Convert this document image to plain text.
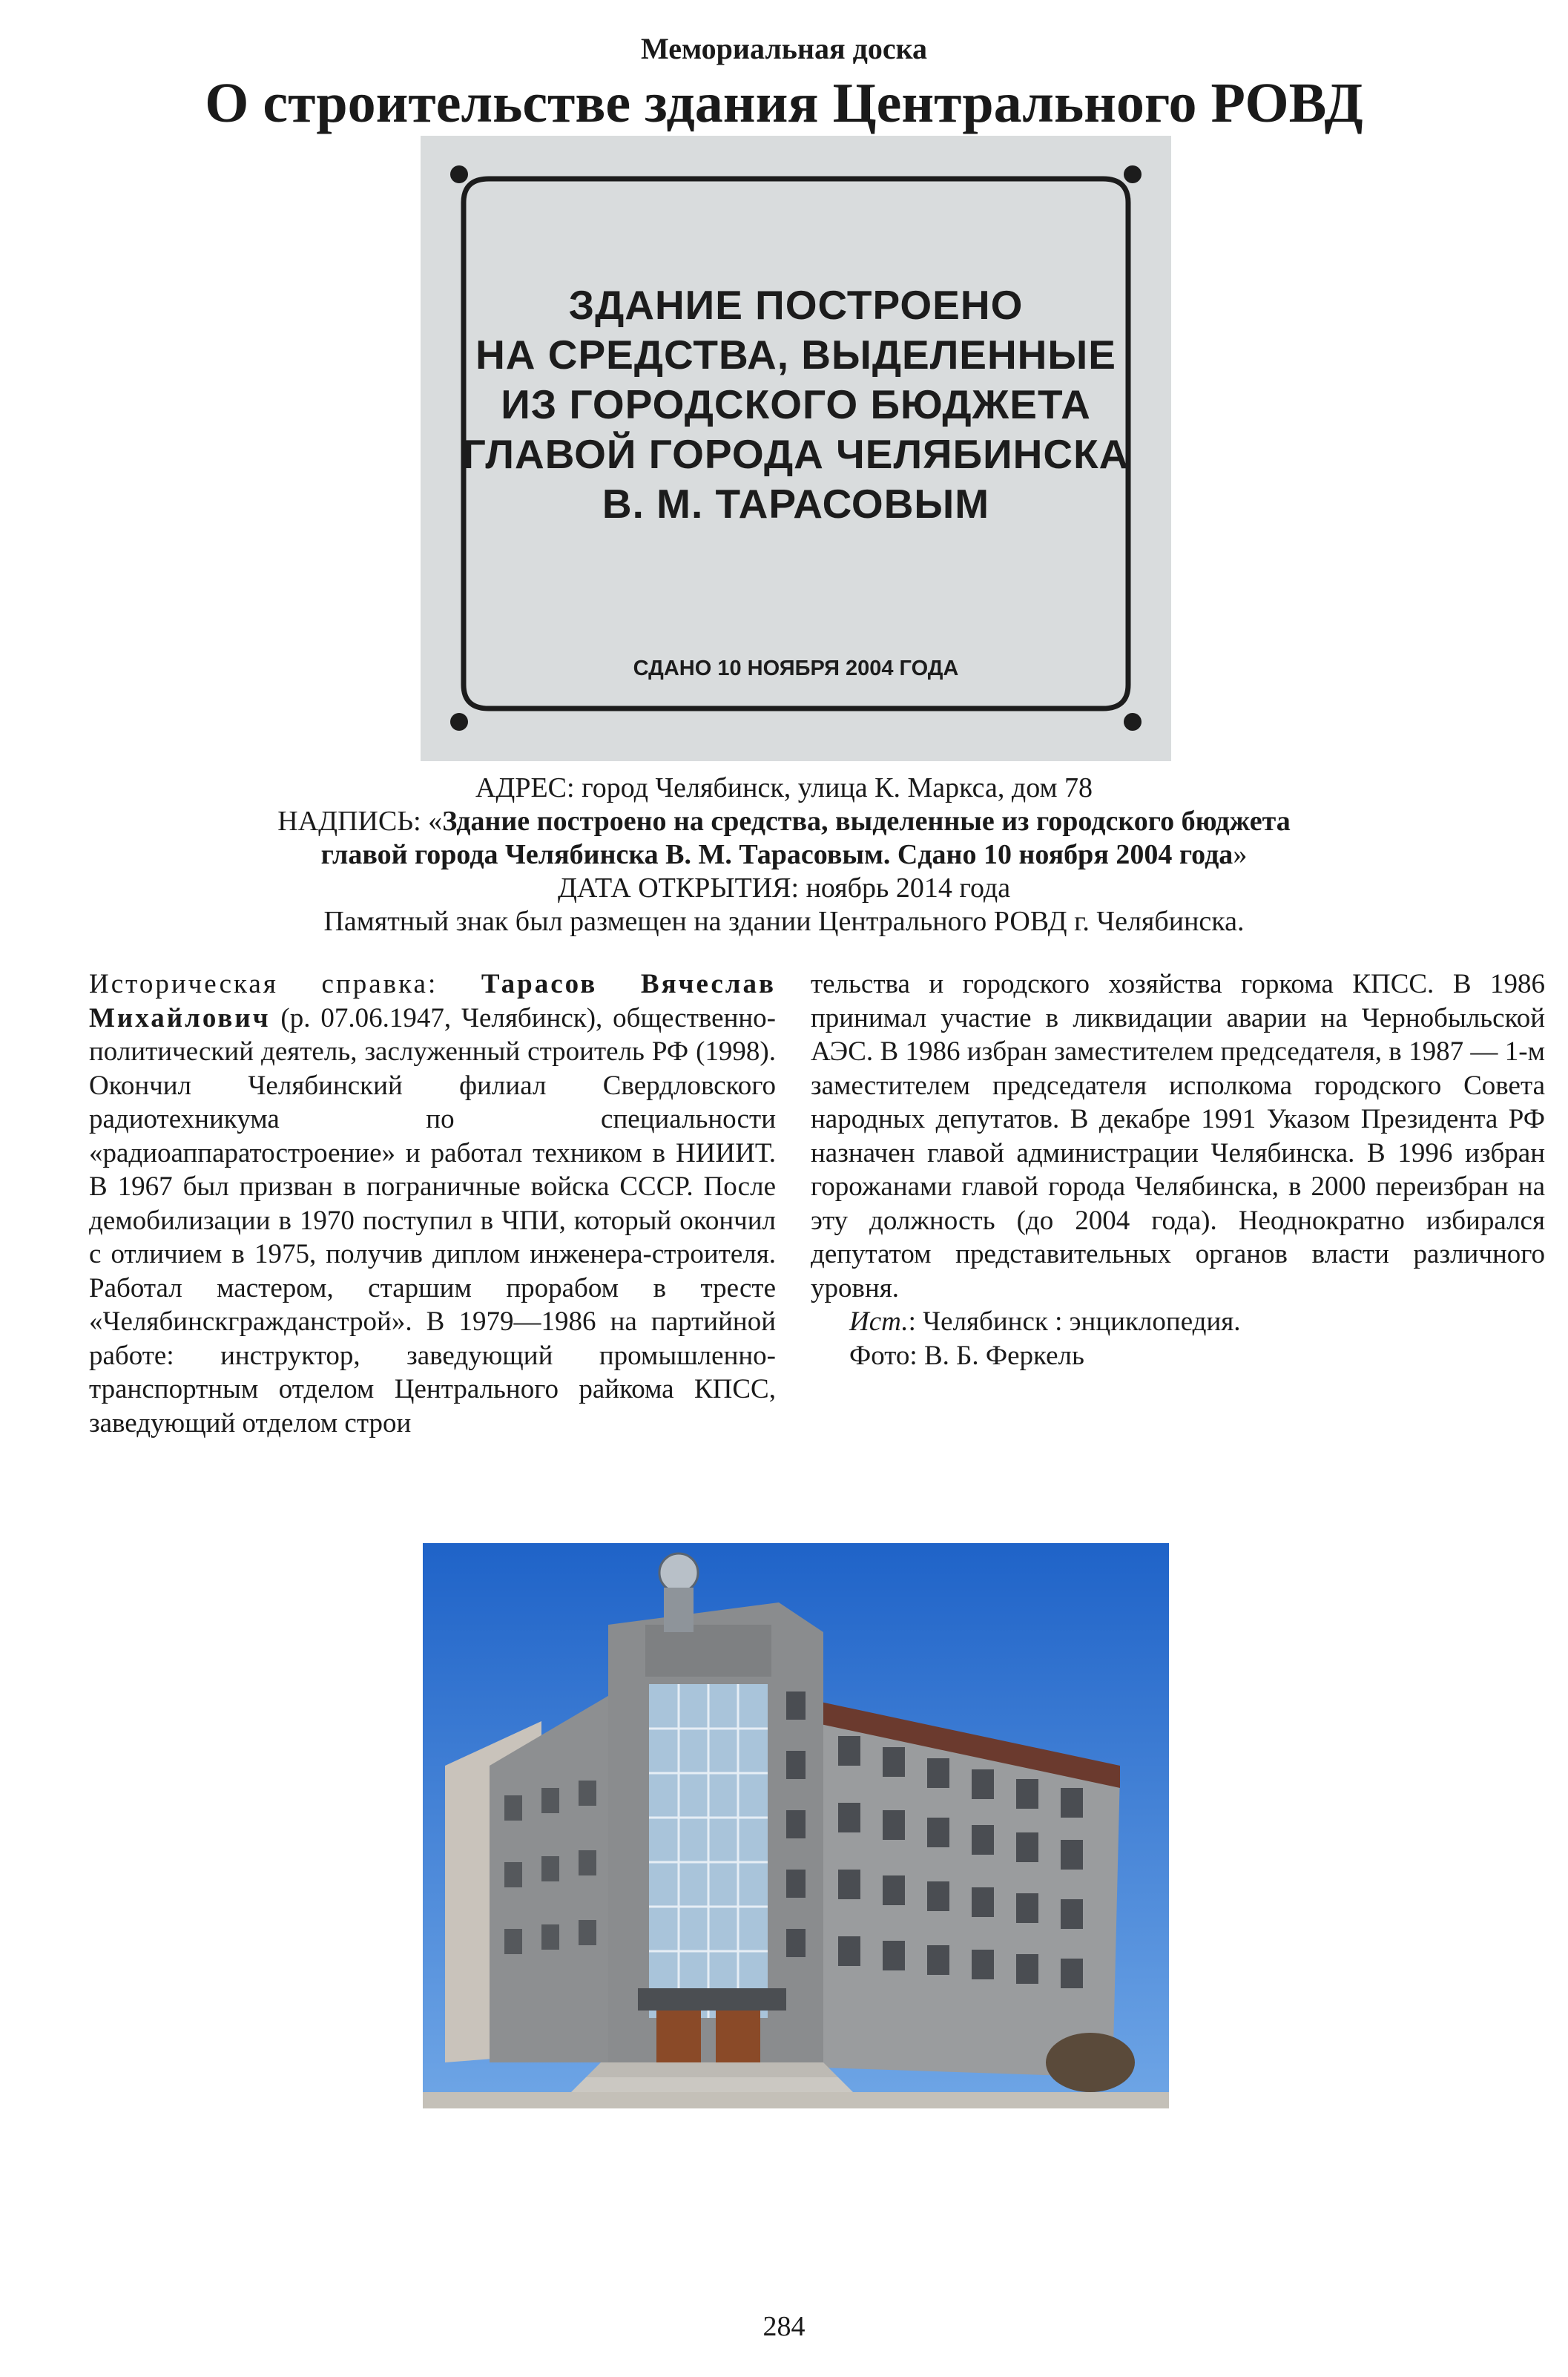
Мемориальная доска
О строительстве здания Центрального РОВД
ЗДАНИЕ ПОСТРОЕНО
НА СРЕДСТВА, ВЫДЕЛЕННЫЕ
ИЗ ГОРОДСКОГО БЮДЖЕТА
ГЛАВОЙ ГОРОДА ЧЕЛЯБИНСКА
В. М. ТАРАСОВЫМ
СДАНО 10 НОЯБРЯ 2004 ГОДА
АДРЕС: город Челябинск, улица К. Маркса, дом 78
НАДПИСЬ: «Здание построено на средства, выделенные из городского бюджета
главой города Челябинска В. М. Тарасовым. Сдано 10 ноября 2004 года»
ДАТА ОТКРЫТИЯ: ноябрь 2014 года
Памятный знак был размещен на здании Центрального РОВД г. Челябинска.
Историческая справка: Тарасов Вячеслав Михайлович (р. 07.06.1947, Челябинск), общественно-политический деятель, заслуженный строитель РФ (1998). Окончил Челябинский филиал Свердловского радиотехникума по специальности «радиоаппаратостроение» и работал техником в НИИИТ. В 1967 был призван в пограничные войска СССР. После демобилизации в 1970 поступил в ЧПИ, который окончил с отличием в 1975, получив диплом инженера-строителя. Работал мастером, старшим прорабом в тресте «Челябинскгражданстрой». В 1979—1986 на партийной работе: инструктор, заведующий промышленно-транспортным отделом Центрального райкома КПСС, заведующий отделом строи
тельства и городского хозяйства горкома КПСС. В 1986 принимал участие в ликвидации аварии на Чернобыльской АЭС. В 1986 избран заместителем председателя, в 1987 — 1-м заместителем председателя исполкома городского Совета народных депутатов. В декабре 1991 Указом Президента РФ назначен главой администрации Челябинска. В 1996 избран горожанами главой города Челябинска, в 2000 переизбран на эту должность (до 2004 года). Неоднократно избирался депутатом представительных органов власти различного уровня.
Ист.: Челябинск : энциклопедия.
Фото: В. Б. Феркель
284
